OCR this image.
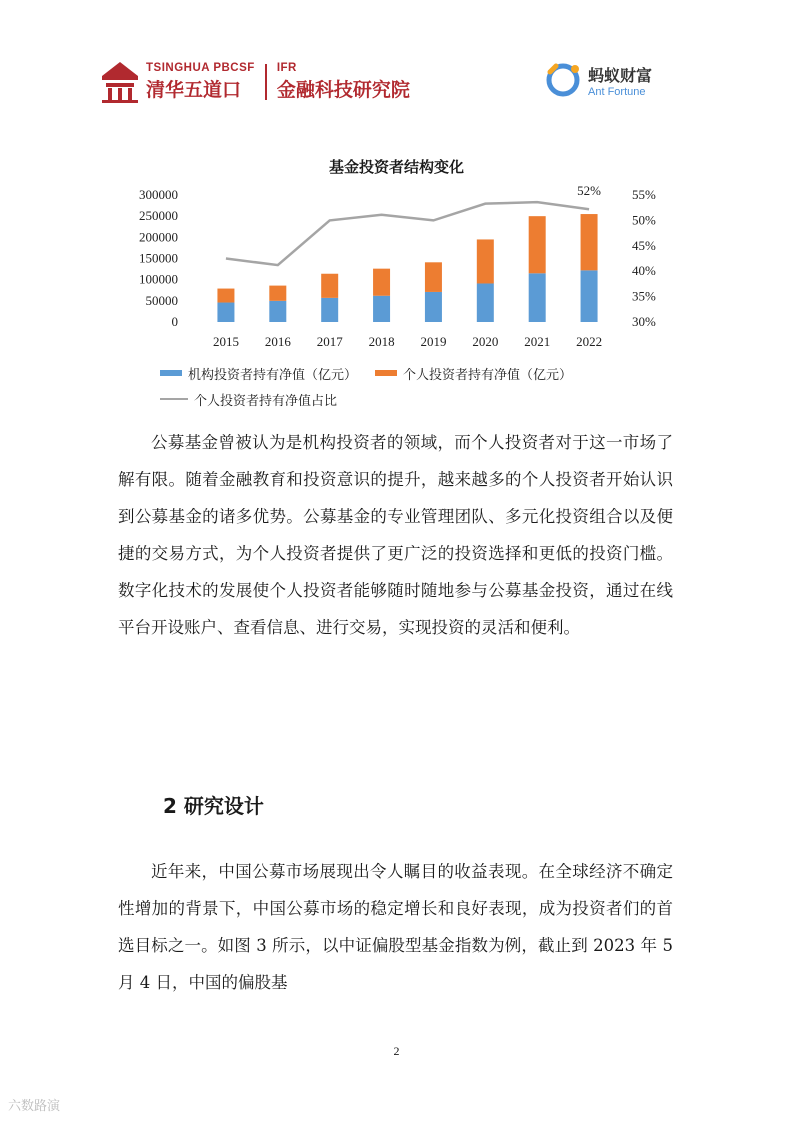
TSINGHUA PBCSF
清华五道口
IFR
金融科技研究院
蚂蚁财富
Ant Fortune
基金投资者结构变化
300000
250000
200000
150000
100000
50000
0
55%
50%
45%
40%
35%
30%
2015 2016 2017 2018 2019 2020 2021 2022
52%
机构投资者持有净值（亿元）	个人投资者持有净值（亿元）
个人投资者持有净值占比

公募基金曾被认为是机构投资者的领域，而个人投资者对于这一市场了解有限。随着金融教育和投资意识的提升，越来越多的个人投资者开始认识到公募基金的诸多优势。公募基金的专业管理团队、多元化投资组合以及便捷的交易方式，为个人投资者提供了更广泛的投资选择和更低的投资门槛。数字化技术的发展使个人投资者能够随时随地参与公募基金投资，通过在线平台开设账户、查看信息、进行交易，实现投资的灵活和便利。

2 研究设计

近年来，中国公募市场展现出令人瞩目的收益表现。在全球经济不确定性增加的背景下，中国公募市场的稳定增长和良好表现，成为投资者们的首选目标之一。如图 3 所示，以中证偏股型基金指数为例，截止到 2023 年 5 月 4 日，中国的偏股基

2
六数路演
